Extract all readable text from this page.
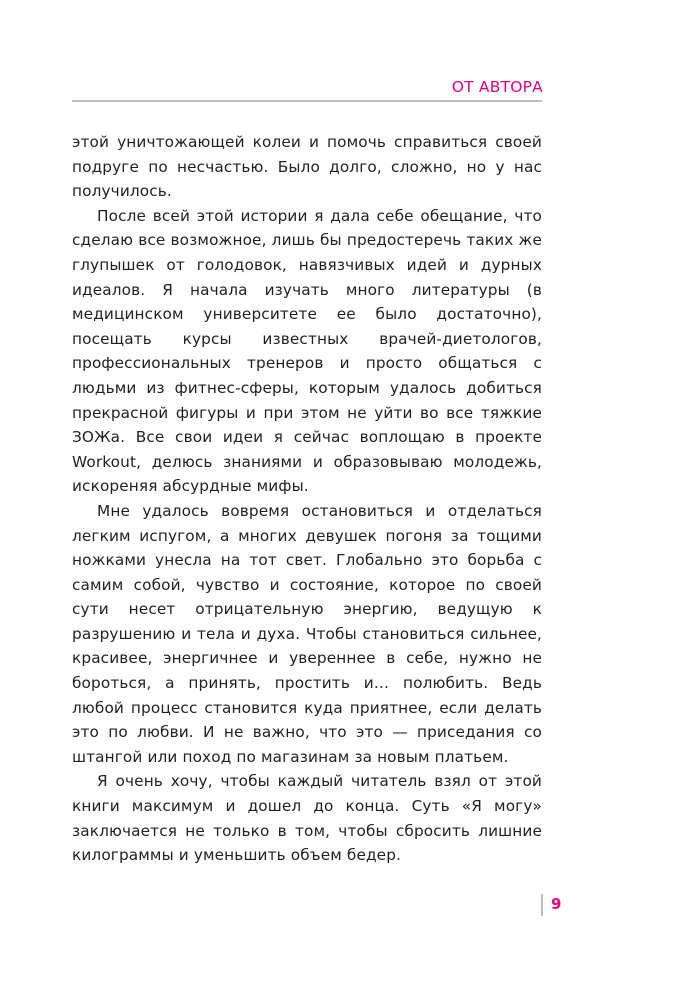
ОТ АВТОРА

этой уничтожающей колеи и помочь справиться своей подруге по несчастью. Было долго, сложно, но у нас получилось.

После всей этой истории я дала себе обещание, что сделаю все возможное, лишь бы предостеречь таких же глупышек от голодовок, навязчивых идей и дурных идеалов. Я начала изучать много литературы (в медицинском университете ее было достаточно), посещать курсы известных врачей-диетологов, профессиональных тренеров и просто общаться с людьми из фитнес-сферы, которым удалось добиться прекрасной фигуры и при этом не уйти во все тяжкие ЗОЖа. Все свои идеи я сейчас воплощаю в проекте Workout, делюсь знаниями и образовываю молодежь, искореняя абсурдные мифы.

Мне удалось вовремя остановиться и отделаться легким испугом, а многих девушек погоня за тощими ножками унесла на тот свет. Глобально это борьба с самим собой, чувство и состояние, которое по своей сути несет отрицательную энергию, ведущую к разрушению и тела и духа. Чтобы становиться сильнее, красивее, энергичнее и увереннее в себе, нужно не бороться, а принять, простить и… полюбить. Ведь любой процесс становится куда приятнее, если делать это по любви. И не важно, что это — приседания со штангой или поход по магазинам за новым платьем.

Я очень хочу, чтобы каждый читатель взял от этой книги максимум и дошел до конца. Суть «Я могу» заключается не только в том, чтобы сбросить лишние килограммы и уменьшить объем бедер.

9
